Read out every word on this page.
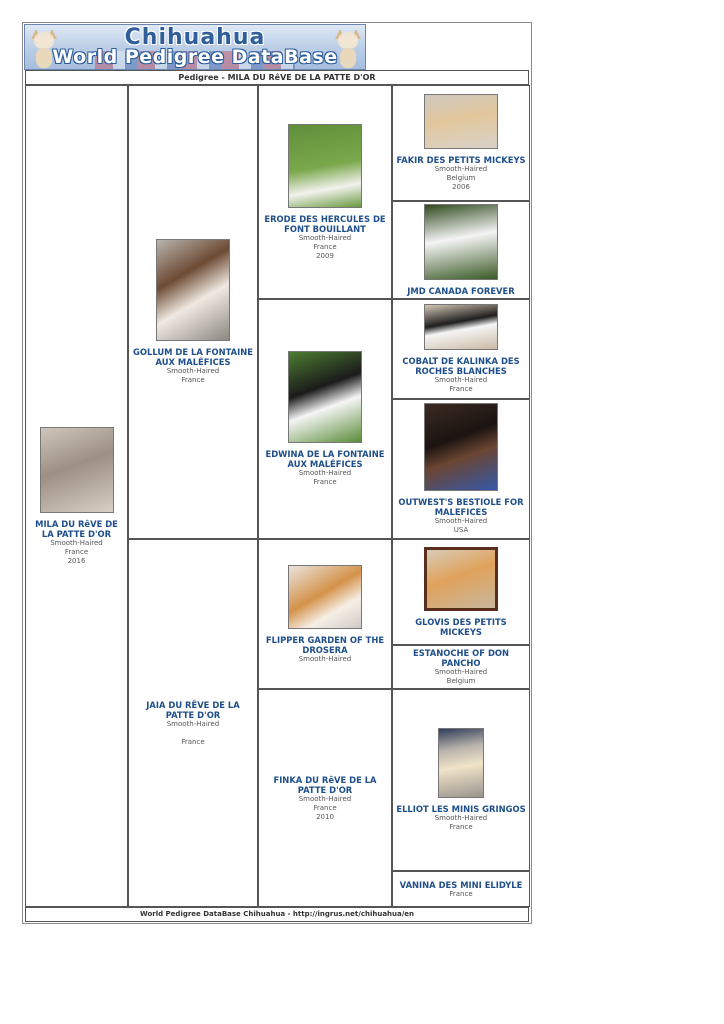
Chihuahua
World Pedigree DataBase
Pedigree - MILA DU RêVE DE LA PATTE D'OR
MILA DU RêVE DE LA PATTE D'OR
Smooth-Haired
France
2016
GOLLUM DE LA FONTAINE AUX MALÉFICES
Smooth-Haired
France
JAIA DU RÊVE DE LA PATTE D'OR
Smooth-Haired
France
ERODE DES HERCULES DE FONT BOUILLANT
Smooth-Haired
France
2009
EDWINA DE LA FONTAINE AUX MALÉFICES
Smooth-Haired
France
FLIPPER GARDEN OF THE DROSERA
Smooth-Haired
FINKA DU RêVE DE LA PATTE D'OR
Smooth-Haired
France
2010
FAKIR DES PETITS MICKEYS
Smooth-Haired
Belgium
2006
JMD CANADA FOREVER
COBALT DE KALINKA DES ROCHES BLANCHES
Smooth-Haired
France
OUTWEST'S BESTIOLE FOR MALEFICES
Smooth-Haired
USA
GLOVIS DES PETITS MICKEYS
ESTANOCHE OF DON PANCHO
Smooth-Haired
Belgium
ELLIOT LES MINIS GRINGOS
Smooth-Haired
France
VANINA DES MINI ELIDYLE
France
World Pedigree DataBase Chihuahua - http://ingrus.net/chihuahua/en
